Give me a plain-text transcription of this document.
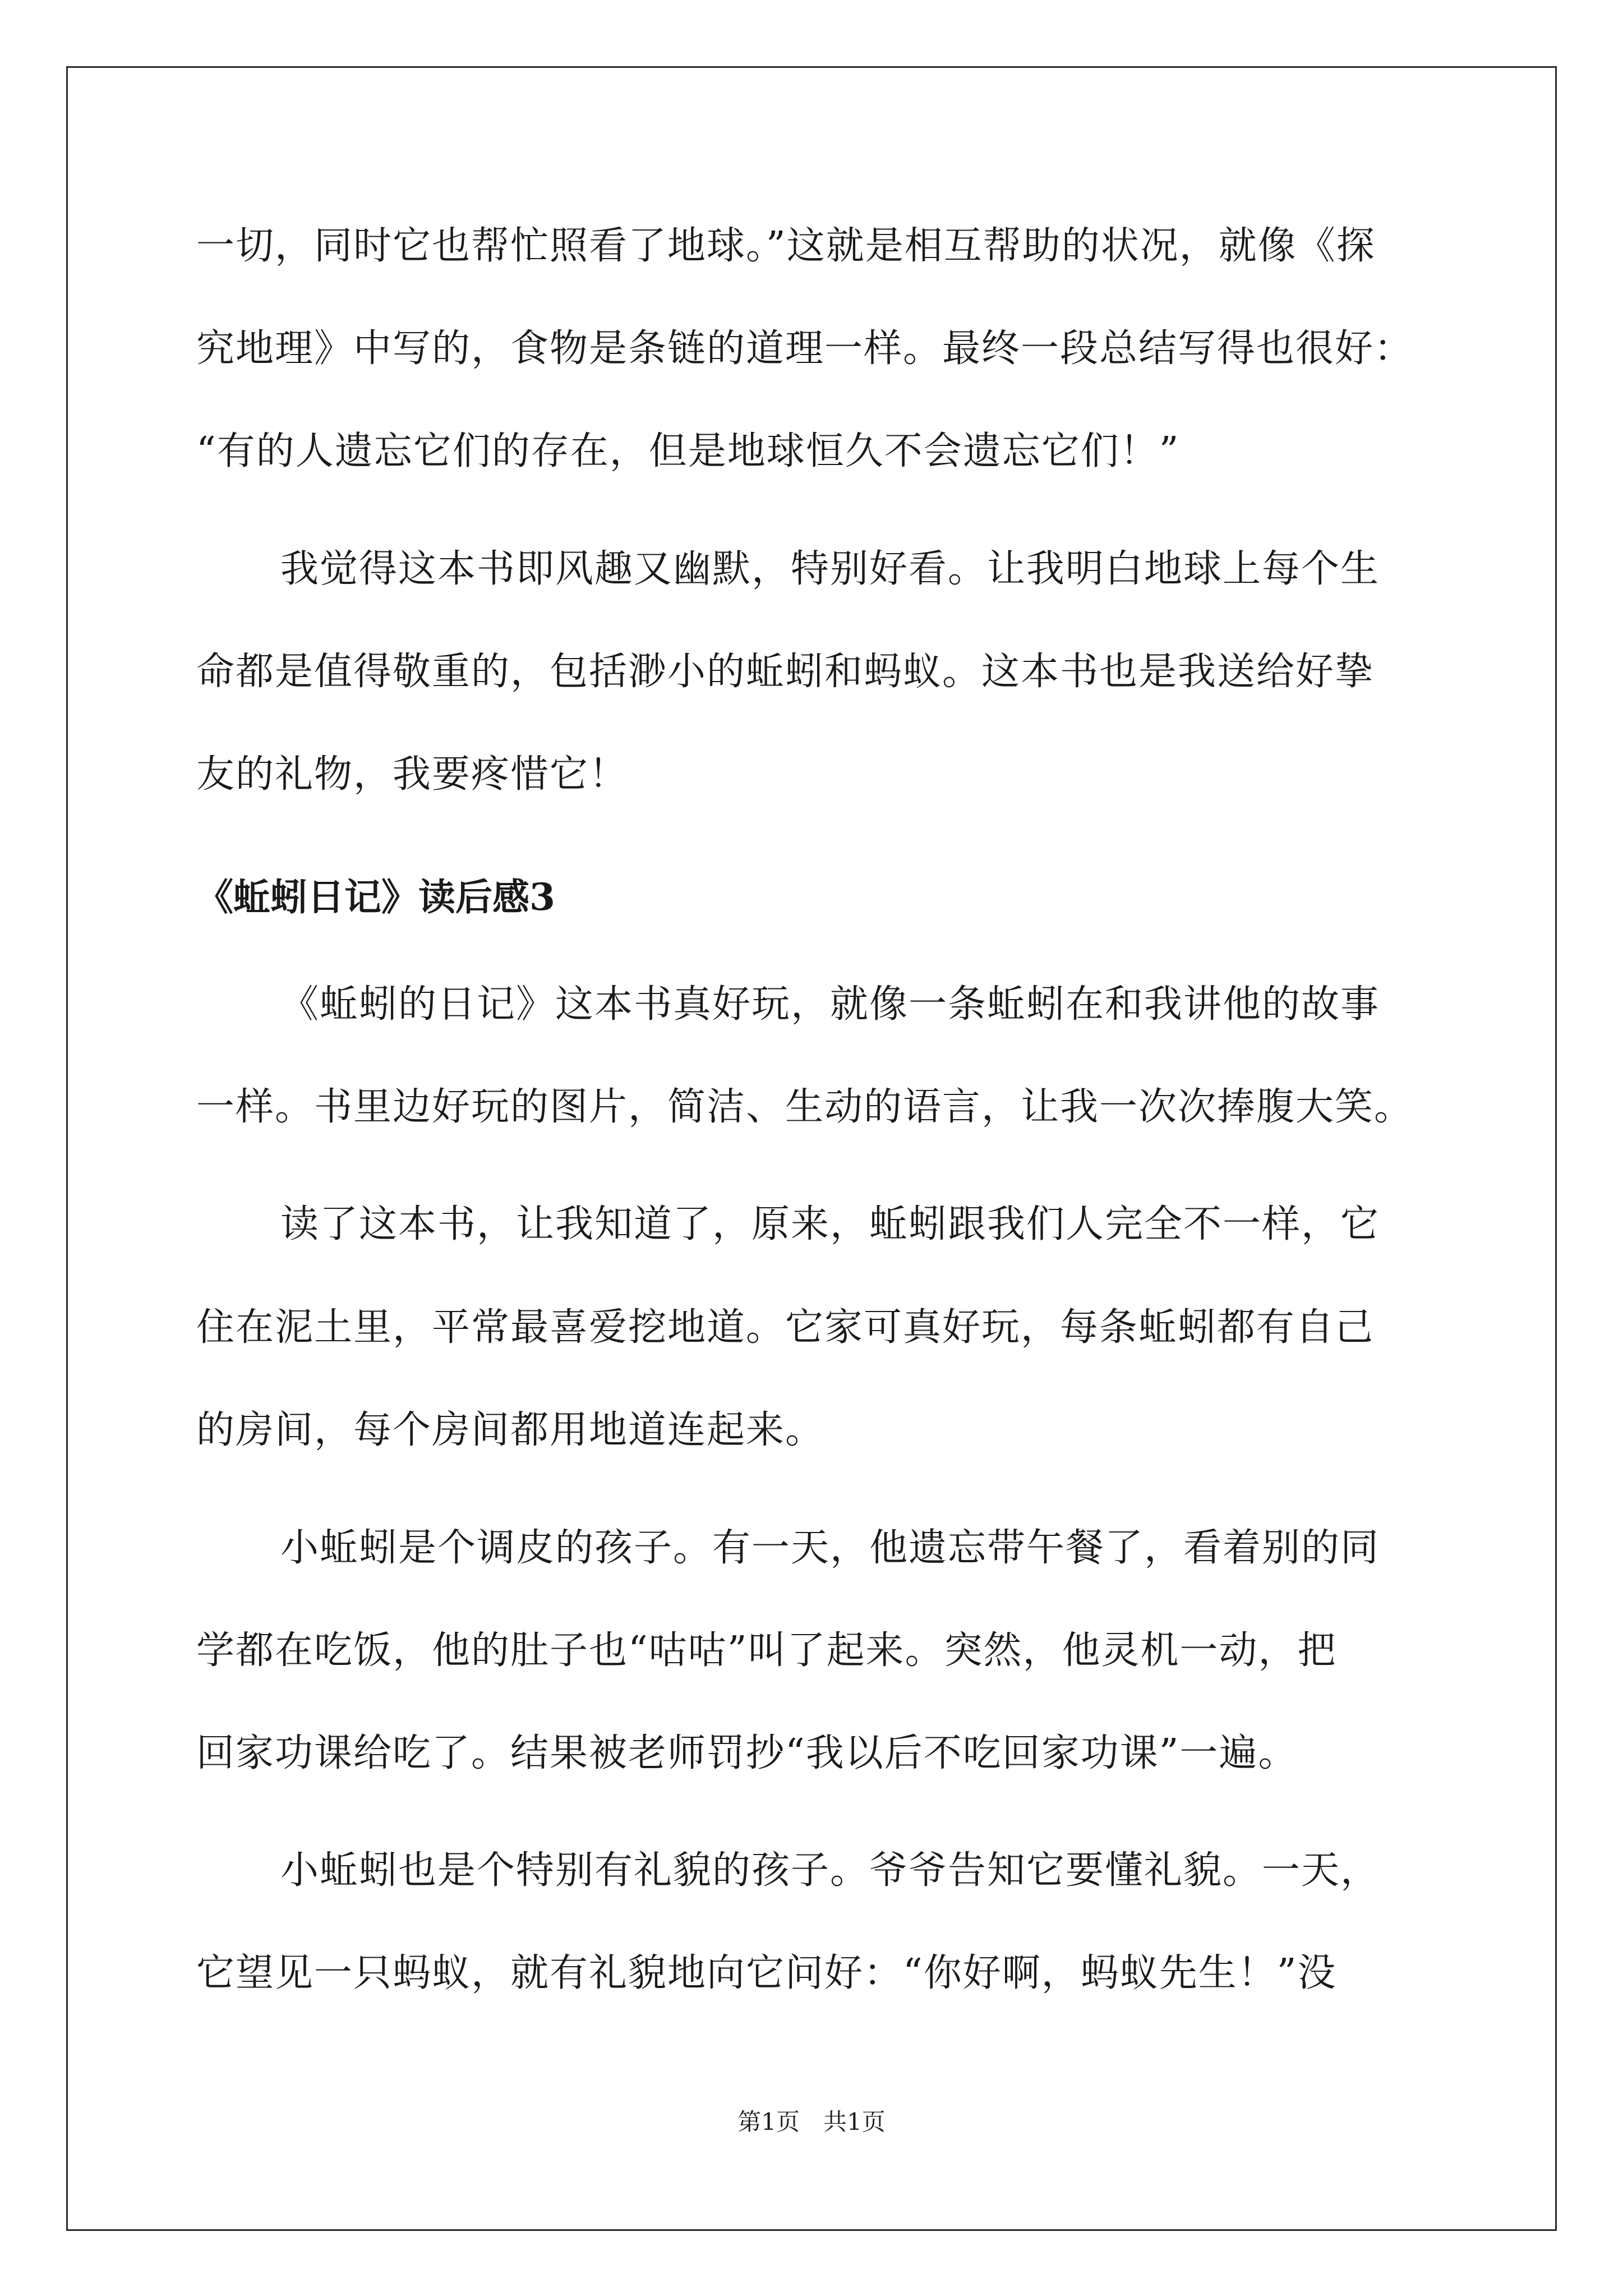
一切，同时它也帮忙照看了地球。”这就是相互帮助的状况，就像《探

究地理》中写的，食物是条链的道理一样。最终一段总结写得也很好：

“有的人遗忘它们的存在，但是地球恒久不会遗忘它们！”

我觉得这本书即风趣又幽默，特别好看。让我明白地球上每个生

命都是值得敬重的，包括渺小的蚯蚓和蚂蚁。这本书也是我送给好挚

友的礼物，我要疼惜它！

《蚯蚓日记》读后感3

《蚯蚓的日记》这本书真好玩，就像一条蚯蚓在和我讲他的故事

一样。书里边好玩的图片，简洁、生动的语言，让我一次次捧腹大笑。

读了这本书，让我知道了，原来，蚯蚓跟我们人完全不一样，它

住在泥土里，平常最喜爱挖地道。它家可真好玩，每条蚯蚓都有自己

的房间，每个房间都用地道连起来。

小蚯蚓是个调皮的孩子。有一天，他遗忘带午餐了，看着别的同

学都在吃饭，他的肚子也“咕咕”叫了起来。突然，他灵机一动，把

回家功课给吃了。结果被老师罚抄“我以后不吃回家功课”一遍。

小蚯蚓也是个特别有礼貌的孩子。爷爷告知它要懂礼貌。一天，

它望见一只蚂蚁，就有礼貌地向它问好：“你好啊，蚂蚁先生！”没

第1页　共1页
